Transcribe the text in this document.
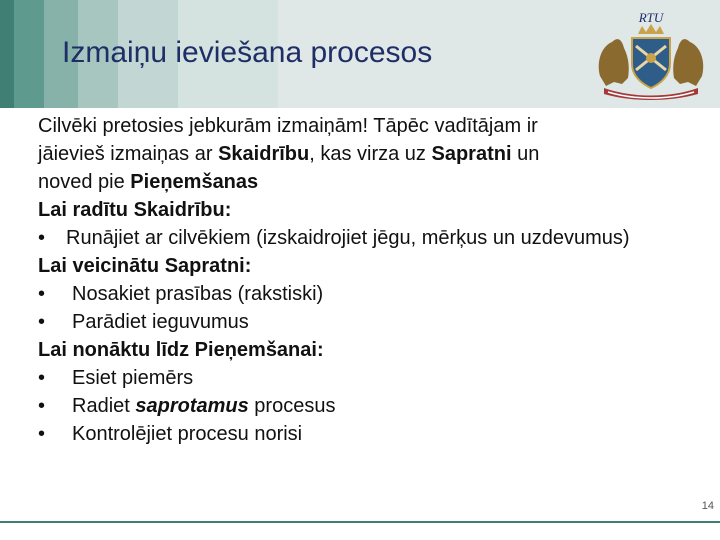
Izmaiņu ieviešana procesos
RTU

Cilvēki pretosies jebkurām izmaiņām! Tāpēc vadītājam ir
jāievieš izmaiņas ar Skaidrību, kas virza uz Sapratni un
noved pie Pieņemšanas

Lai radītu Skaidrību:

• Runājiet ar cilvēkiem (izskaidrojiet jēgu, mērķus un uzdevumus)

Lai veicinātu Sapratni:

• Nosakiet prasības (rakstiski)

• Parādiet ieguvumus

Lai nonāktu līdz Pieņemšanai:

• Esiet piemērs

• Radiet saprotamus procesus

• Kontrolējiet procesu norisi

14
